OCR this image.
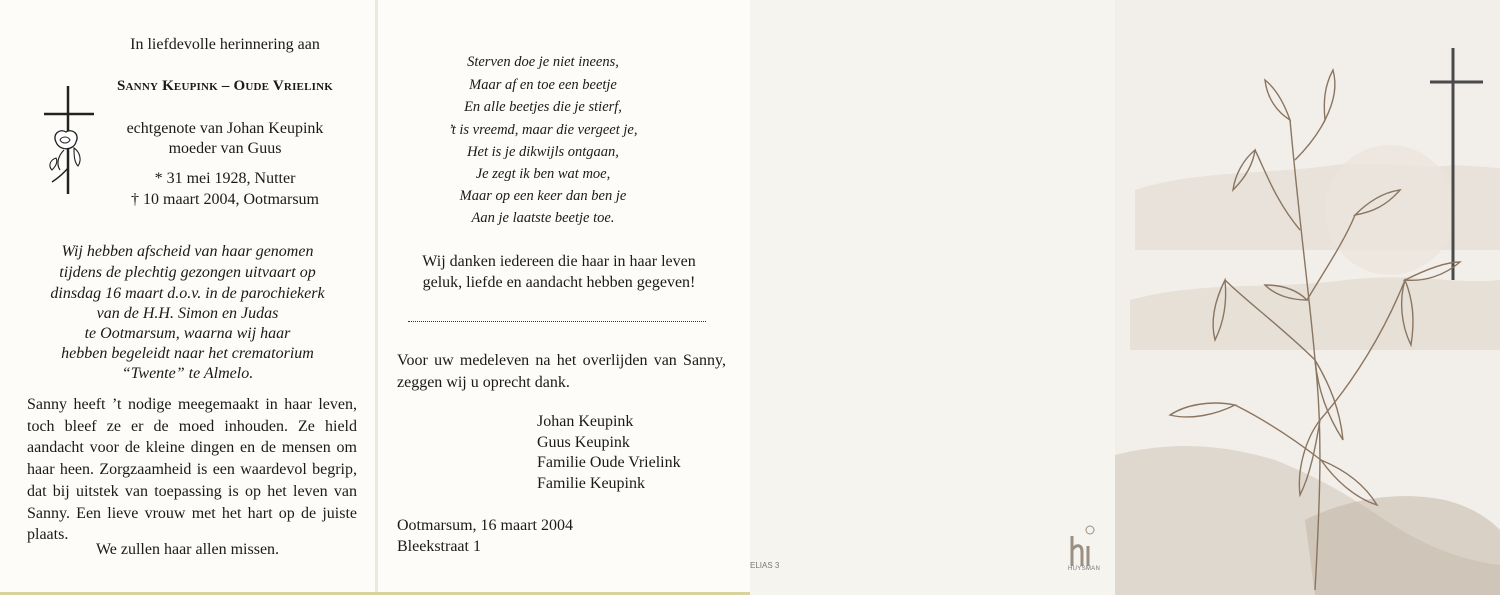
In liefdevolle herinnering aan
Sanny Keupink – Oude Vrielink
echtgenote van Johan Keupink
moeder van Guus
* 31 mei 1928, Nutter
† 10 maart 2004, Ootmarsum
Wij hebben afscheid van haar genomen
tijdens de plechtig gezongen uitvaart op
dinsdag 16 maart d.o.v. in de parochiekerk
van de H.H. Simon en Judas
te Ootmarsum, waarna wij haar
hebben begeleidt naar het crematorium
“Twente” te Almelo.
Sanny heeft ’t nodige meegemaakt in haar leven, toch bleef ze er de moed inhouden. Ze hield aandacht voor de kleine dingen en de mensen om haar heen. Zorgzaamheid is een waardevol begrip, dat bij uitstek van toepassing is op het leven van Sanny. Een lieve vrouw met het hart op de juiste plaats.
We zullen haar allen missen.
Sterven doe je niet ineens,
Maar af en toe een beetje
En alle beetjes die je stierf,
’t is vreemd, maar die vergeet je,
Het is je dikwijls ontgaan,
Je zegt ik ben wat moe,
Maar op een keer dan ben je
Aan je laatste beetje toe.
Wij danken iedereen die haar in haar leven
geluk, liefde en aandacht hebben gegeven!
Voor uw medeleven na het overlijden van Sanny, zeggen wij u oprecht dank.
Johan Keupink
Guus Keupink
Familie Oude Vrielink
Familie Keupink
Ootmarsum, 16 maart 2004
Bleekstraat 1
HUYSMAN
ELIAS 3
